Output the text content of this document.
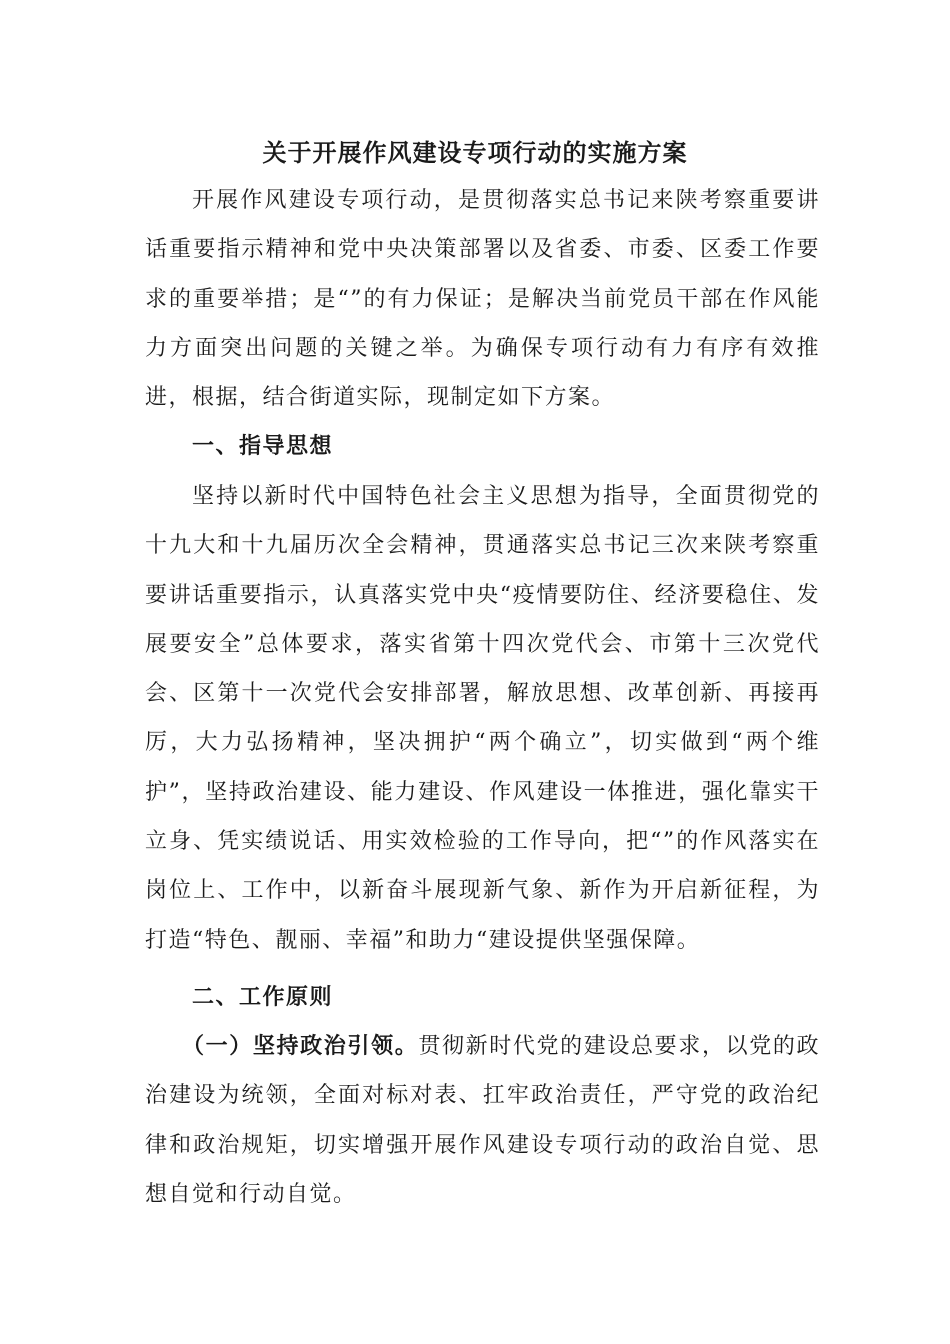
关于开展作风建设专项行动的实施方案

开展作风建设专项行动，是贯彻落实总书记来陕考察重要讲话重要指示精神和党中央决策部署以及省委、市委、区委工作要求的重要举措；是“”的有力保证；是解决当前党员干部在作风能力方面突出问题的关键之举。为确保专项行动有力有序有效推进，根据，结合街道实际，现制定如下方案。

一、指导思想

坚持以新时代中国特色社会主义思想为指导，全面贯彻党的十九大和十九届历次全会精神，贯通落实总书记三次来陕考察重要讲话重要指示，认真落实党中央“疫情要防住、经济要稳住、发展要安全”总体要求，落实省第十四次党代会、市第十三次党代会、区第十一次党代会安排部署，解放思想、改革创新、再接再厉，大力弘扬精神，坚决拥护“两个确立”，切实做到“两个维护”，坚持政治建设、能力建设、作风建设一体推进，强化靠实干立身、凭实绩说话、用实效检验的工作导向，把“”的作风落实在岗位上、工作中，以新奋斗展现新气象、新作为开启新征程，为打造“特色、靓丽、幸福”和助力“建设提供坚强保障。

二、工作原则

（一）坚持政治引领。贯彻新时代党的建设总要求，以党的政治建设为统领，全面对标对表、扛牢政治责任，严守党的政治纪律和政治规矩，切实增强开展作风建设专项行动的政治自觉、思想自觉和行动自觉。
